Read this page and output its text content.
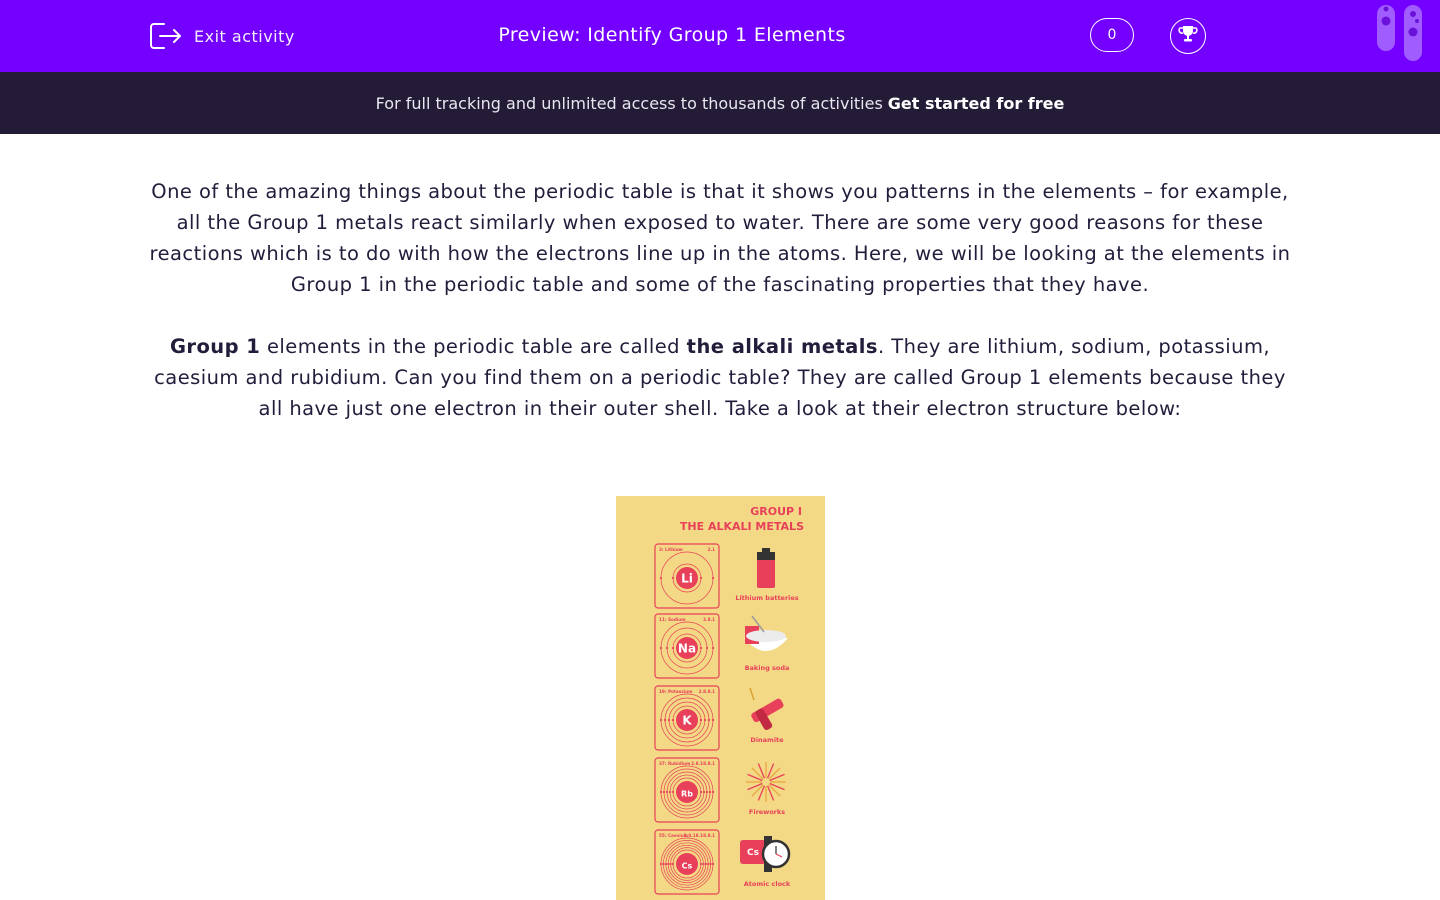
Exit activity	Preview: Identify Group 1 Elements	0
For full tracking and unlimited access to thousands of activities Get started for free

One of the amazing things about the periodic table is that it shows you patterns in the elements – for example, all the Group 1 metals react similarly when exposed to water. There are some very good reasons for these reactions which is to do with how the electrons line up in the atoms. Here, we will be looking at the elements in Group 1 in the periodic table and some of the fascinating properties that they have.

Group 1 elements in the periodic table are called the alkali metals. They are lithium, sodium, potassium, caesium and rubidium. Can you find them on a periodic table? They are called Group 1 elements because they all have just one electron in their outer shell. Take a look at their electron structure below:

GROUP I
THE ALKALI METALS
3: Lithium	2.1
Li
Lithium batteries
11: Sodium	2.8.1
Na
Baking soda
19: Potassium 2.8.8.1
K
Dinamite
37: Rubidium 2.8.18.8.1
Rb
Fireworks
55: Caesium
2.8.18.18.8.1
Cs
Cs
Atomic clock
